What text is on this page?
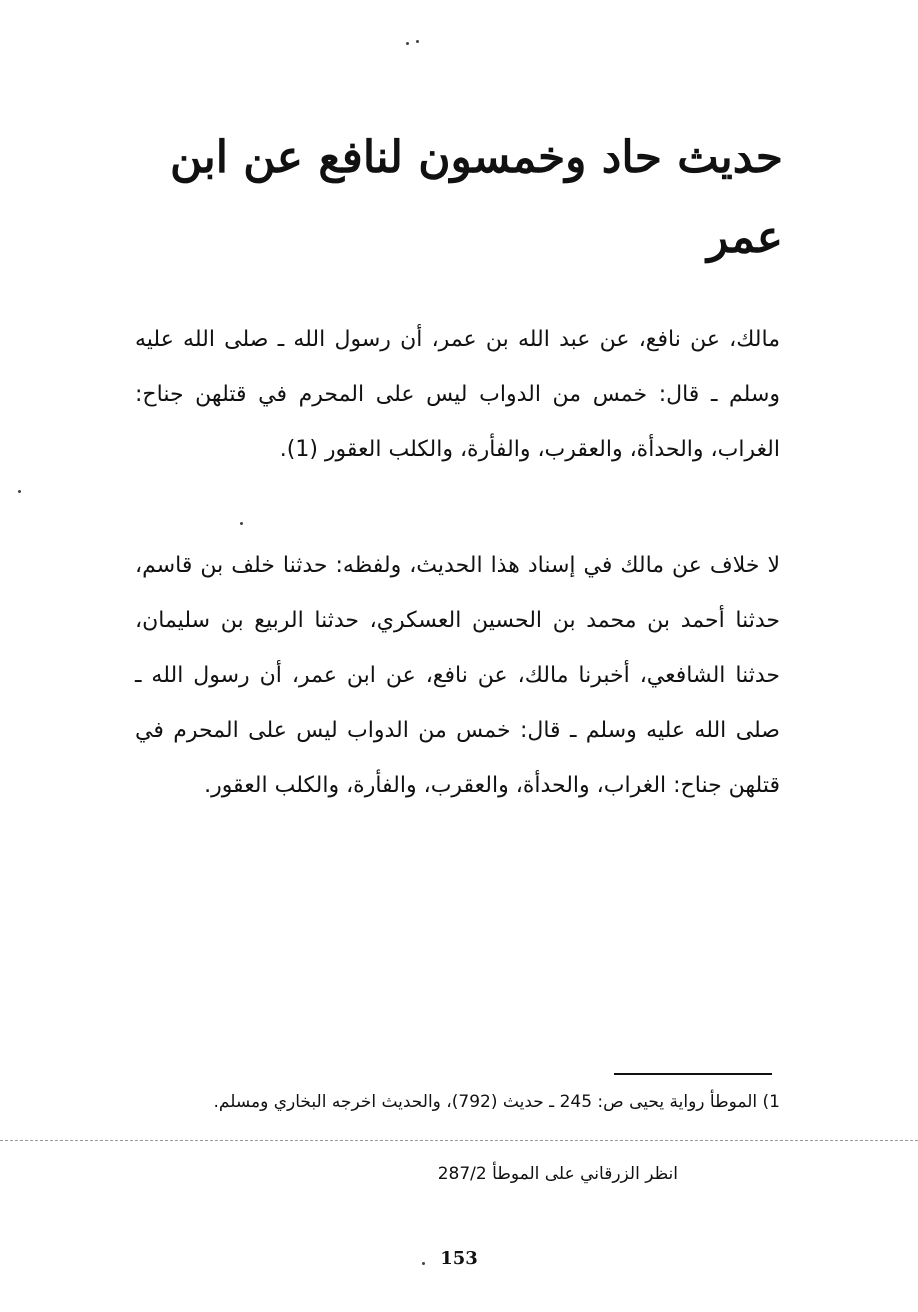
حديث حاد وخمسون لنافع عن ابن عمر

مالك، عن نافع، عن عبد الله بن عمر، أن رسول الله ـ صلى الله عليه وسلم ـ قال: خمس من الدواب ليس على المحرم في قتلهن جناح: الغراب، والحدأة، والعقرب، والفأرة، والكلب العقور (1).

لا خلاف عن مالك في إسناد هذا الحديث، ولفظه: حدثنا خلف بن قاسم، حدثنا أحمد بن محمد بن الحسين العسكري، حدثنا الربيع بن سليمان، حدثنا الشافعي، أخبرنا مالك، عن نافع، عن ابن عمر، أن رسول الله ـ صلى الله عليه وسلم ـ قال: خمس من الدواب ليس على المحرم في قتلهن جناح: الغراب، والحدأة، والعقرب، والفأرة، والكلب العقور.

1) الموطأ رواية يحيى ص: 245 ـ حديث (792)، والحديث اخرجه البخاري ومسلم.

انظر الزرقاني على الموطأ 287/2

153
